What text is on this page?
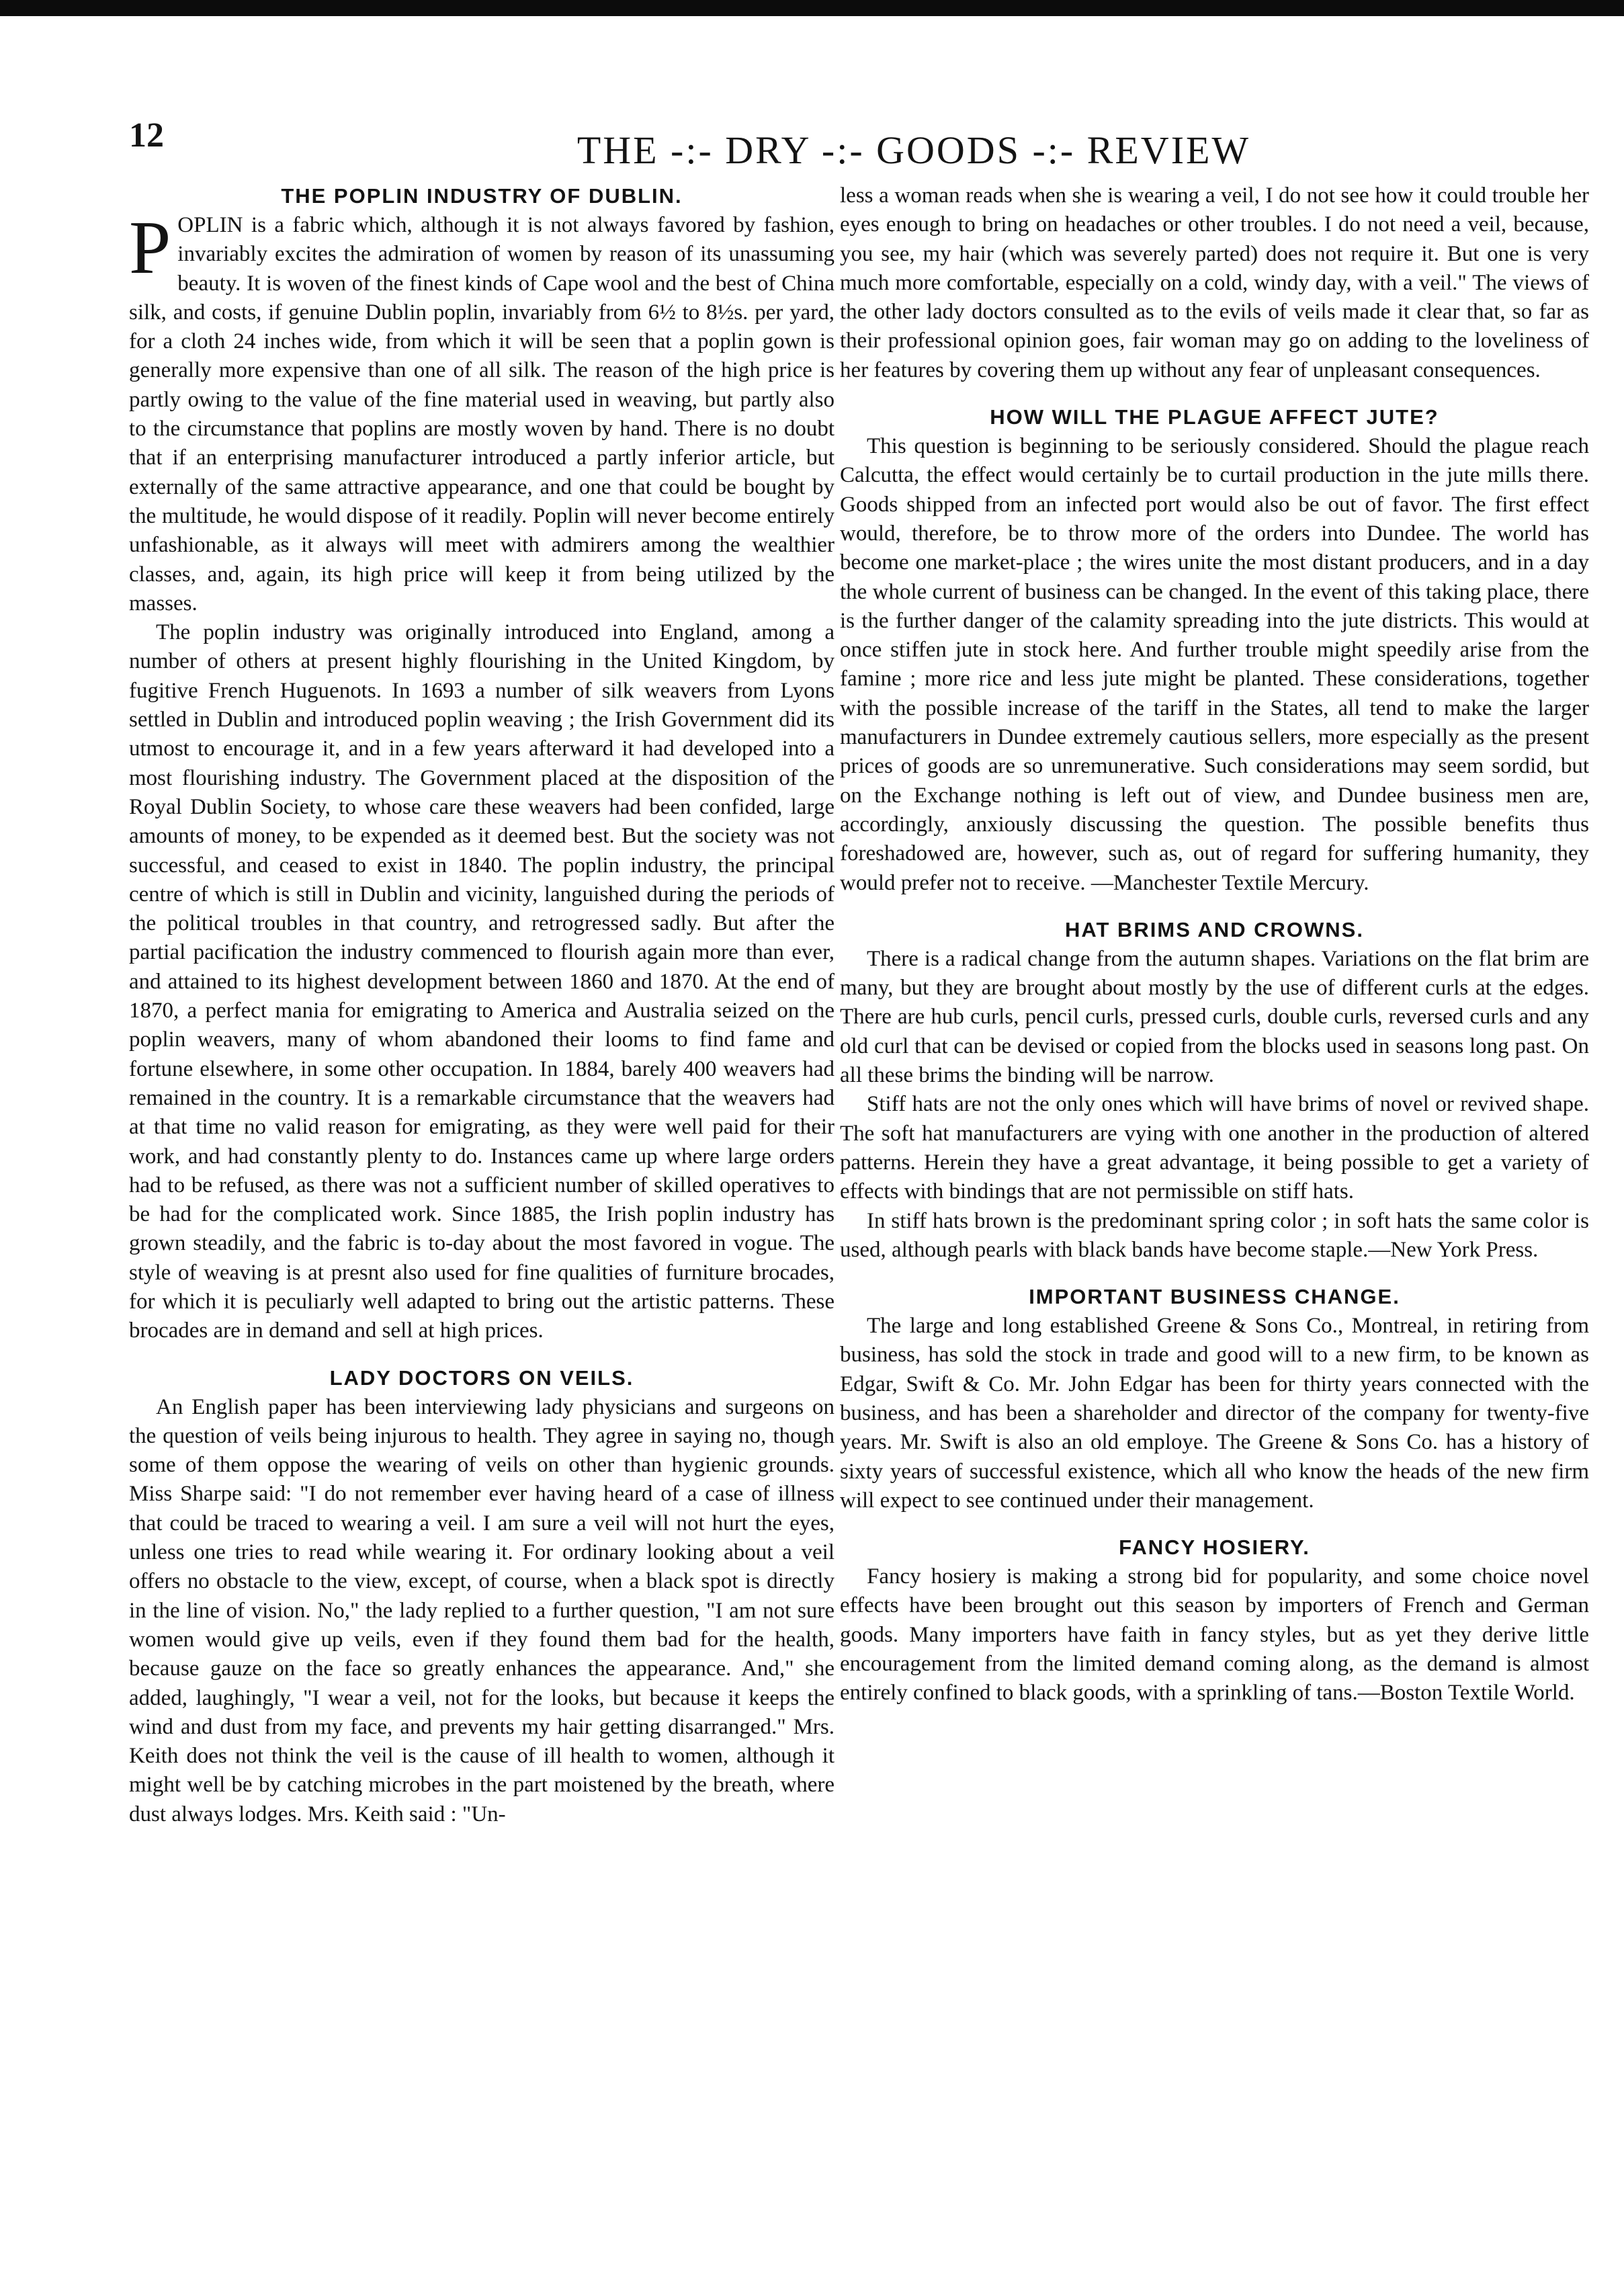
12	THE -:- DRY -:- GOODS -:- REVIEW
THE POPLIN INDUSTRY OF DUBLIN.

POPLIN is a fabric which, although it is not always favored by fashion, invariably excites the admiration of women by reason of its unassuming beauty. It is woven of the finest kinds of Cape wool and the best of China silk, and costs, if genuine Dublin poplin, invariably from 6½ to 8½s. per yard, for a cloth 24 inches wide, from which it will be seen that a poplin gown is generally more expensive than one of all silk. The reason of the high price is partly owing to the value of the fine material used in weaving, but partly also to the circumstance that poplins are mostly woven by hand. There is no doubt that if an enterprising manufacturer introduced a partly inferior article, but externally of the same attractive appearance, and one that could be bought by the multitude, he would dispose of it readily. Poplin will never become entirely unfashionable, as it always will meet with admirers among the wealthier classes, and, again, its high price will keep it from being utilized by the masses.

The poplin industry was originally introduced into England, among a number of others at present highly flourishing in the United Kingdom, by fugitive French Huguenots. In 1693 a number of silk weavers from Lyons settled in Dublin and introduced poplin weaving ; the Irish Government did its utmost to encourage it, and in a few years afterward it had developed into a most flourishing industry. The Government placed at the disposition of the Royal Dublin Society, to whose care these weavers had been confided, large amounts of money, to be expended as it deemed best. But the society was not successful, and ceased to exist in 1840. The poplin industry, the principal centre of which is still in Dublin and vicinity, languished during the periods of the political troubles in that country, and retrogressed sadly. But after the partial pacification the industry commenced to flourish again more than ever, and attained to its highest development between 1860 and 1870. At the end of 1870, a perfect mania for emigrating to America and Australia seized on the poplin weavers, many of whom abandoned their looms to find fame and fortune elsewhere, in some other occupation. In 1884, barely 400 weavers had remained in the country. It is a remarkable circumstance that the weavers had at that time no valid reason for emigrating, as they were well paid for their work, and had constantly plenty to do. Instances came up where large orders had to be refused, as there was not a sufficient number of skilled operatives to be had for the complicated work. Since 1885, the Irish poplin industry has grown steadily, and the fabric is to-day about the most favored in vogue. The style of weaving is at presnt also used for fine qualities of furniture brocades, for which it is peculiarly well adapted to bring out the artistic patterns. These brocades are in demand and sell at high prices.

LADY DOCTORS ON VEILS.

An English paper has been interviewing lady physicians and surgeons on the question of veils being injurous to health. They agree in saying no, though some of them oppose the wearing of veils on other than hygienic grounds. Miss Sharpe said: "I do not remember ever having heard of a case of illness that could be traced to wearing a veil. I am sure a veil will not hurt the eyes, unless one tries to read while wearing it. For ordinary looking about a veil offers no obstacle to the view, except, of course, when a black spot is directly in the line of vision. No," the lady replied to a further question, "I am not sure women would give up veils, even if they found them bad for the health, because gauze on the face so greatly enhances the appearance. And," she added, laughingly, "I wear a veil, not for the looks, but because it keeps the wind and dust from my face, and prevents my hair getting disarranged." Mrs. Keith does not think the veil is the cause of ill health to women, although it might well be by catching microbes in the part moistened by the breath, where dust always lodges. Mrs. Keith said : "Un-

less a woman reads when she is wearing a veil, I do not see how it could trouble her eyes enough to bring on headaches or other troubles. I do not need a veil, because, you see, my hair (which was severely parted) does not require it. But one is very much more comfortable, especially on a cold, windy day, with a veil." The views of the other lady doctors consulted as to the evils of veils made it clear that, so far as their professional opinion goes, fair woman may go on adding to the loveliness of her features by covering them up without any fear of unpleasant consequences.

HOW WILL THE PLAGUE AFFECT JUTE?

This question is beginning to be seriously considered. Should the plague reach Calcutta, the effect would certainly be to curtail production in the jute mills there. Goods shipped from an infected port would also be out of favor. The first effect would, therefore, be to throw more of the orders into Dundee. The world has become one market-place ; the wires unite the most distant producers, and in a day the whole current of business can be changed. In the event of this taking place, there is the further danger of the calamity spreading into the jute districts. This would at once stiffen jute in stock here. And further trouble might speedily arise from the famine ; more rice and less jute might be planted. These considerations, together with the possible increase of the tariff in the States, all tend to make the larger manufacturers in Dundee extremely cautious sellers, more especially as the present prices of goods are so unremunerative. Such considerations may seem sordid, but on the Exchange nothing is left out of view, and Dundee business men are, accordingly, anxiously discussing the question. The possible benefits thus foreshadowed are, however, such as, out of regard for suffering humanity, they would prefer not to receive. —Manchester Textile Mercury.

HAT BRIMS AND CROWNS.

There is a radical change from the autumn shapes. Variations on the flat brim are many, but they are brought about mostly by the use of different curls at the edges. There are hub curls, pencil curls, pressed curls, double curls, reversed curls and any old curl that can be devised or copied from the blocks used in seasons long past. On all these brims the binding will be narrow.

Stiff hats are not the only ones which will have brims of novel or revived shape. The soft hat manufacturers are vying with one another in the production of altered patterns. Herein they have a great advantage, it being possible to get a variety of effects with bindings that are not permissible on stiff hats.

In stiff hats brown is the predominant spring color ; in soft hats the same color is used, although pearls with black bands have become staple.—New York Press.

IMPORTANT BUSINESS CHANGE.

The large and long established Greene & Sons Co., Montreal, in retiring from business, has sold the stock in trade and good will to a new firm, to be known as Edgar, Swift & Co. Mr. John Edgar has been for thirty years connected with the business, and has been a shareholder and director of the company for twenty-five years. Mr. Swift is also an old employe. The Greene & Sons Co. has a history of sixty years of successful existence, which all who know the heads of the new firm will expect to see continued under their management.

FANCY HOSIERY.

Fancy hosiery is making a strong bid for popularity, and some choice novel effects have been brought out this season by importers of French and German goods. Many importers have faith in fancy styles, but as yet they derive little encouragement from the limited demand coming along, as the demand is almost entirely confined to black goods, with a sprinkling of tans.—Boston Textile World.
